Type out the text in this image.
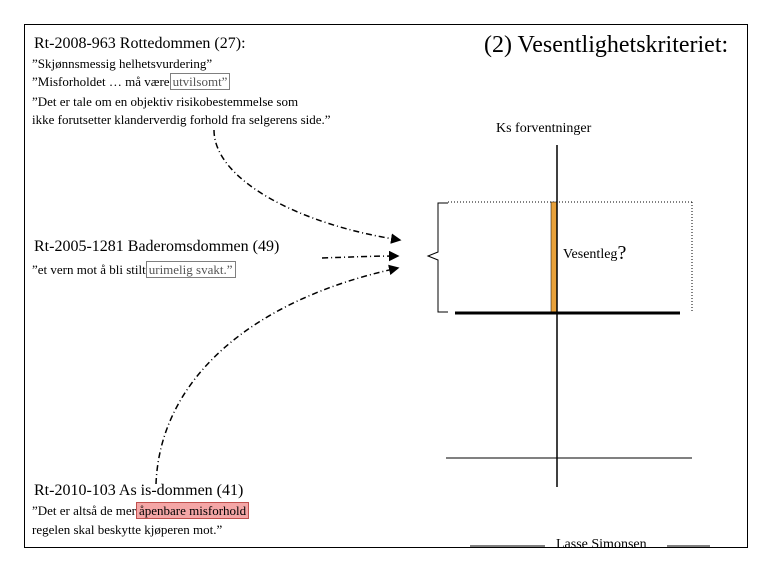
Rt-2008-963 Rottedommen (27):
”Skjønnsmessig helhetsvurdering”
”Misforholdet … må være utvilsomt”
”Det er tale om en objektiv risikobestemmelse som
ikke forutsetter klanderverdig forhold fra selgerens side.”
(2) Vesentlighetskriteriet:
Rt-2005-1281 Baderomsdommen (49)
”et vern mot å bli stilt urimelig svakt.”
Rt-2010-103 As is-dommen (41)
”Det er altså de mer åpenbare misforhold
regelen skal beskytte kjøperen mot.”
Ks forventninger
Vesentleg?
Lasse Simonsen
